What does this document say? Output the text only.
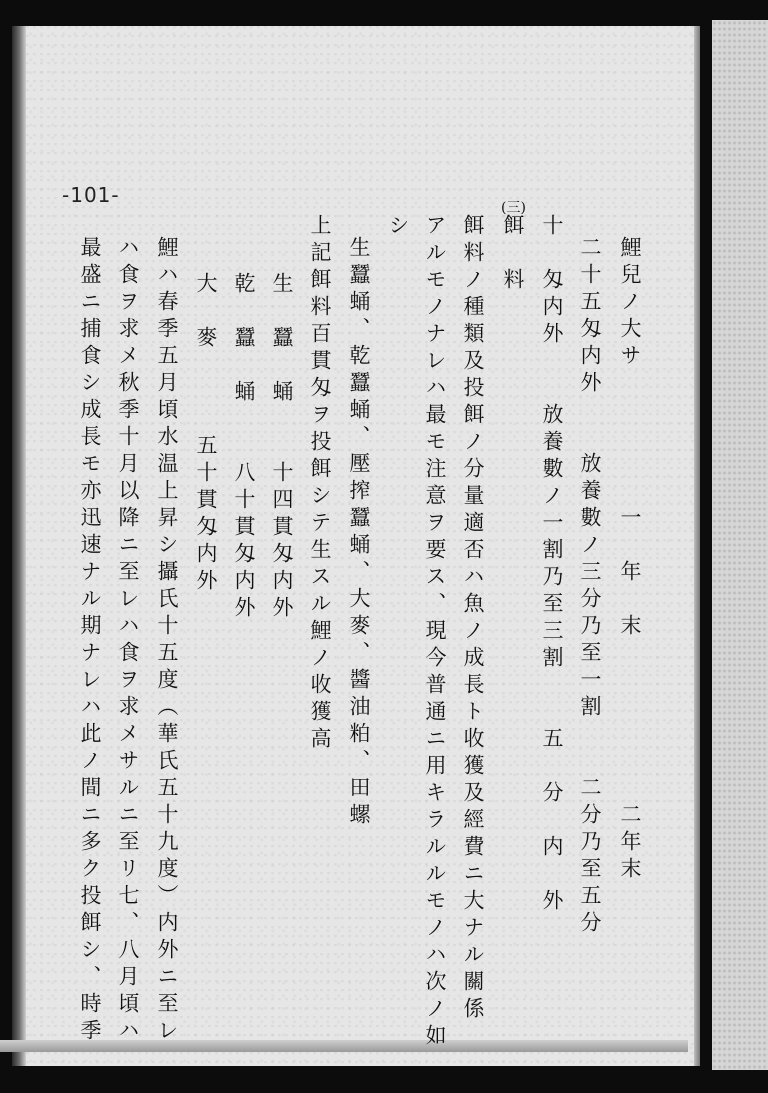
-101-
(三)
鯉兒ノ大サ　　　　　一　年　末　　　　　　二年末
二十五匁内外　　放養數ノ三分乃至一割　　二分乃至五分
十　匁内外　　放養數ノ一割乃至三割　　五　分　内　外
餌　料
餌料ノ種類及投餌ノ分量適否ハ魚ノ成長ト收獲及經費ニ大ナル關係
アルモノナレハ最モ注意ヲ要ス、現今普通ニ用キラルルモノハ次ノ如
シ
生蠶蛹、乾蠶蛹、壓搾蠶蛹、大麥、醬油粕、田螺
上記餌料百貫匁ヲ投餌シテ生スル鯉ノ收獲高
生　蠶　蛹　　十四貫匁内外
乾　蠶　蛹　　八十貫匁内外
大　麥　　　五十貫匁内外
鯉ハ春季五月頃水温上昇シ攝氏十五度（華氏五十九度）内外ニ至レ
ハ食ヲ求メ秋季十月以降ニ至レハ食ヲ求メサルニ至リ七、八月頃ハ
最盛ニ捕食シ成長モ亦迅速ナル期ナレハ此ノ間ニ多ク投餌シ、時季
